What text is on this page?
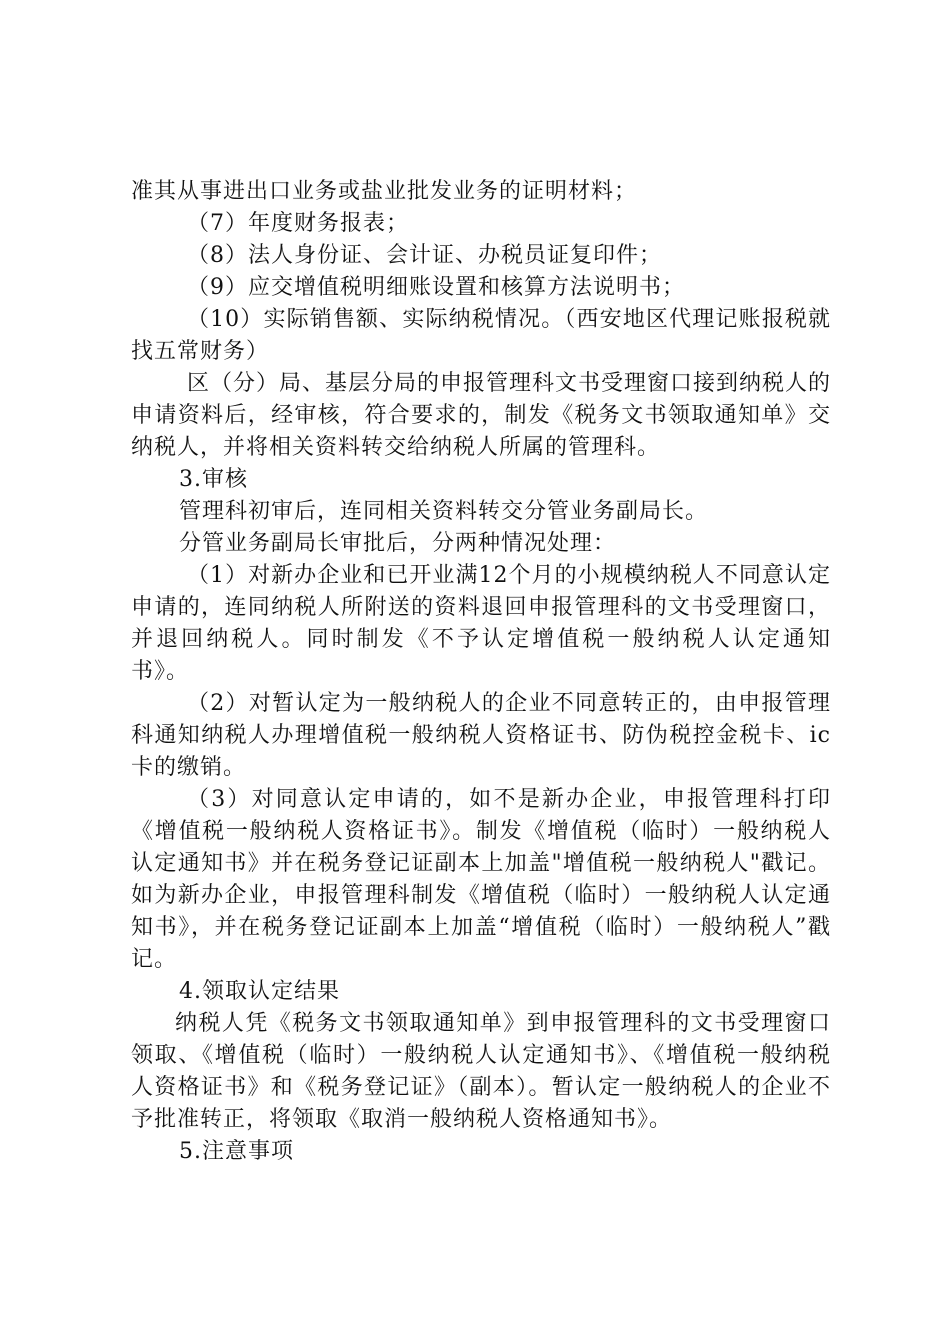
准其从事进出口业务或盐业批发业务的证明材料；

（7）年度财务报表；

（8）法人身份证、会计证、办税员证复印件；

（9）应交增值税明细账设置和核算方法说明书；

（10）实际销售额、实际纳税情况。（西安地区代理记账报税就找五常财务）

区（分）局、基层分局的申报管理科文书受理窗口接到纳税人的申请资料后，经审核，符合要求的，制发《税务文书领取通知单》交纳税人，并将相关资料转交给纳税人所属的管理科。

3.审核

管理科初审后，连同相关资料转交分管业务副局长。

分管业务副局长审批后，分两种情况处理：

（1）对新办企业和已开业满12个月的小规模纳税人不同意认定申请的，连同纳税人所附送的资料退回申报管理科的文书受理窗口，并退回纳税人。同时制发《不予认定增值税一般纳税人认定通知书》。

（2）对暂认定为一般纳税人的企业不同意转正的，由申报管理科通知纳税人办理增值税一般纳税人资格证书、防伪税控金税卡、ic卡的缴销。

（3）对同意认定申请的，如不是新办企业，申报管理科打印《增值税一般纳税人资格证书》。制发《增值税（临时）一般纳税人认定通知书》并在税务登记证副本上加盖"增值税一般纳税人"戳记。如为新办企业，申报管理科制发《增值税（临时）一般纳税人认定通知书》，并在税务登记证副本上加盖“增值税（临时）一般纳税人”戳记。

4.领取认定结果

纳税人凭《税务文书领取通知单》到申报管理科的文书受理窗口领取、《增值税（临时）一般纳税人认定通知书》、《增值税一般纳税人资格证书》和《税务登记证》（副本）。暂认定一般纳税人的企业不予批准转正，将领取《取消一般纳税人资格通知书》。

5.注意事项
